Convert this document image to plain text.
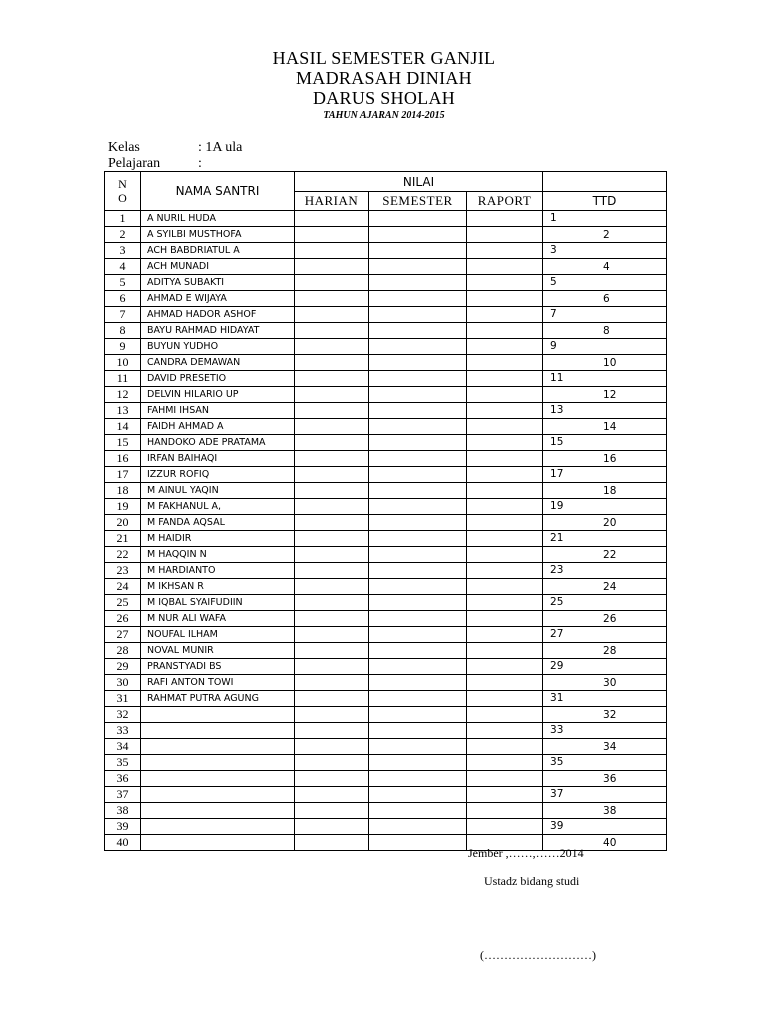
HASIL SEMESTER GANJIL
MADRASAH DINIAH
DARUS SHOLAH
TAHUN AJARAN 2014-2015
Kelas	: 1A ula
Pelajaran	:
N
O	NAMA SANTRI	NILAI			
		HARIAN	SEMESTER	RAPORT	TTD
1	A NURIL HUDA				1

2	A SYILBI MUSTHOFA				2

3	ACH BABDRIATUL A				3

4	ACH MUNADI				4

5	ADITYA SUBAKTI				5

6	AHMAD E WIJAYA				6

7	AHMAD HADOR ASHOF				7

8	BAYU RAHMAD HIDAYAT				8

9	BUYUN YUDHO				9

10	CANDRA DEMAWAN				10

11	DAVID PRESETIO				11

12	DELVIN HILARIO UP				12

13	FAHMI IHSAN				13

14	FAIDH AHMAD A				14

15	HANDOKO ADE PRATAMA				15

16	IRFAN BAIHAQI				16

17	IZZUR ROFIQ				17

18	M AINUL YAQIN				18

19	M FAKHANUL A,				19

20	M FANDA AQSAL				20

21	M HAIDIR				21

22	M HAQQIN N				22

23	M HARDIANTO				23

24	M IKHSAN R				24

25	M IQBAL SYAIFUDIIN				25

26	M NUR ALI WAFA				26

27	NOUFAL ILHAM				27

28	NOVAL MUNIR				28

29	PRANSTYADI BS				29

30	RAFI ANTON TOWI				30

31	RAHMAT PUTRA AGUNG				31

32					32

33					33

34					34

35					35

36					36

37					37

38					38

39					39

40					40
Jember ,……,……2014
Ustadz bidang studi
(………………………)
